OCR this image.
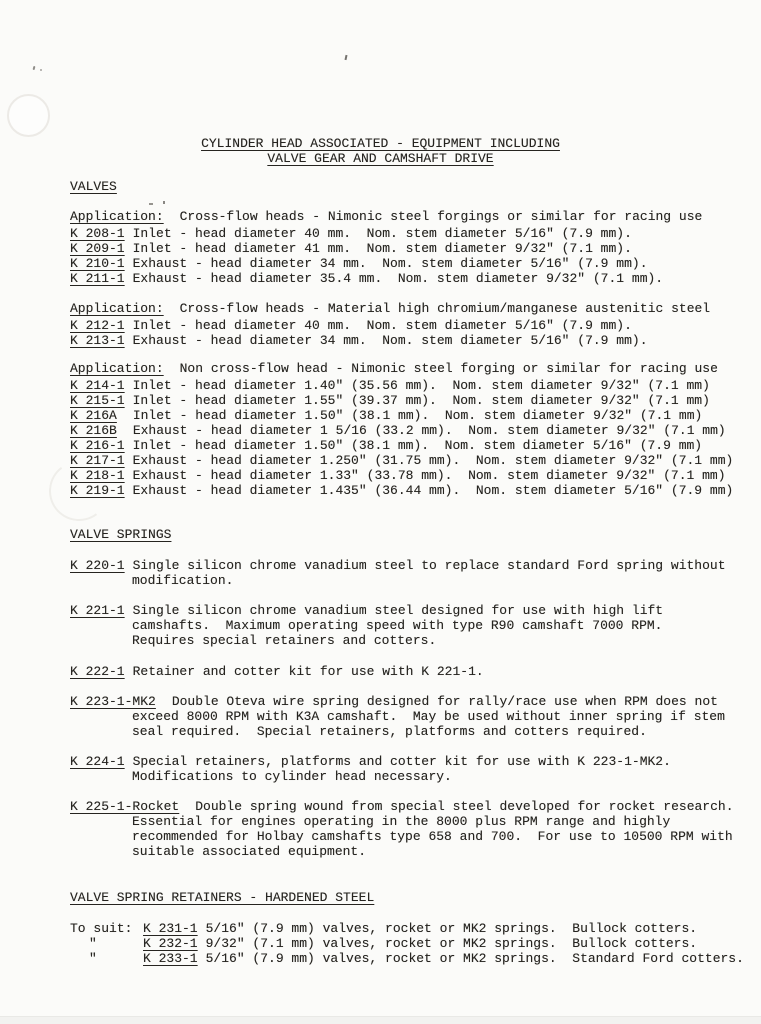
CYLINDER HEAD ASSOCIATED - EQUIPMENT INCLUDING
VALVE GEAR AND CAMSHAFT DRIVE
VALVES
Application: Cross-flow heads - Nimonic steel forgings or similar for racing use
K 208-1 Inlet - head diameter 40 mm.  Nom. stem diameter 5/16" (7.9 mm).
K 209-1 Inlet - head diameter 41 mm.  Nom. stem diameter 9/32" (7.1 mm).
K 210-1 Exhaust - head diameter 34 mm.  Nom. stem diameter 5/16" (7.9 mm).
K 211-1 Exhaust - head diameter 35.4 mm.  Nom. stem diameter 9/32" (7.1 mm).
Application: Cross-flow heads - Material high chromium/manganese austenitic steel
K 212-1 Inlet - head diameter 40 mm.  Nom. stem diameter 5/16" (7.9 mm).
K 213-1 Exhaust - head diameter 34 mm.  Nom. stem diameter 5/16" (7.9 mm).
Application: Non cross-flow head - Nimonic steel forging or similar for racing use
K 214-1 Inlet - head diameter 1.40" (35.56 mm).  Nom. stem diameter 9/32" (7.1 mm)
K 215-1 Inlet - head diameter 1.55" (39.37 mm).  Nom. stem diameter 9/32" (7.1 mm)
K 216A Inlet - head diameter 1.50" (38.1 mm).  Nom. stem diameter 9/32" (7.1 mm)
K 216B Exhaust - head diameter 1 5/16 (33.2 mm).  Nom. stem diameter 9/32" (7.1 mm)
K 216-1 Inlet - head diameter 1.50" (38.1 mm).  Nom. stem diameter 5/16" (7.9 mm)
K 217-1 Exhaust - head diameter 1.250" (31.75 mm).  Nom. stem diameter 9/32" (7.1 mm)
K 218-1 Exhaust - head diameter 1.33" (33.78 mm).  Nom. stem diameter 9/32" (7.1 mm)
K 219-1 Exhaust - head diameter 1.435" (36.44 mm).  Nom. stem diameter 5/16" (7.9 mm)
VALVE SPRINGS
K 220-1 Single silicon chrome vanadium steel to replace standard Ford spring without
modification.
K 221-1 Single silicon chrome vanadium steel designed for use with high lift
camshafts.  Maximum operating speed with type R90 camshaft 7000 RPM.
Requires special retainers and cotters.
K 222-1 Retainer and cotter kit for use with K 221-1.
K 223-1-MK2 Double Oteva wire spring designed for rally/race use when RPM does not
exceed 8000 RPM with K3A camshaft.  May be used without inner spring if stem
seal required.  Special retainers, platforms and cotters required.
K 224-1 Special retainers, platforms and cotter kit for use with K 223-1-MK2.
Modifications to cylinder head necessary.
K 225-1-Rocket Double spring wound from special steel developed for rocket research.
Essential for engines operating in the 8000 plus RPM range and highly
recommended for Holbay camshafts type 658 and 700.  For use to 10500 RPM with
suitable associated equipment.
VALVE SPRING RETAINERS - HARDENED STEEL
To suit: K 231-1 5/16" (7.9 mm) valves, rocket or MK2 springs.  Bullock cotters.
"	K 232-1 9/32" (7.1 mm) valves, rocket or MK2 springs.  Bullock cotters.
"	K 233-1 5/16" (7.9 mm) valves, rocket or MK2 springs.  Standard Ford cotters.
